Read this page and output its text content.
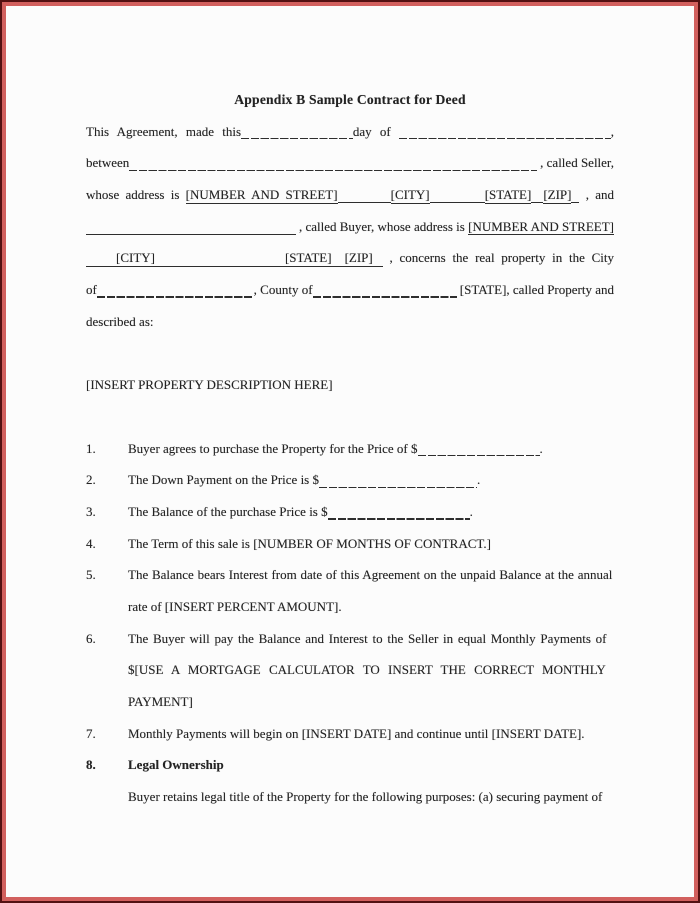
Appendix B Sample Contract for Deed
This Agreement, made this	day of	,
between	, called Seller,
whose address is [NUMBER AND STREET]	[CITY]	[STATE] [ZIP] , and
, called Buyer, whose address is [NUMBER AND STREET]
[CITY]	[STATE] [ZIP] , concerns the real property in the City
of	, County of	[STATE], called Property and
described as:
[INSERT PROPERTY DESCRIPTION HERE]
1.	Buyer agrees to purchase the Property for the Price of $	.
2.	The Down Payment on the Price is $	.
3.	The Balance of the purchase Price is $	.
4.	The Term of this sale is [NUMBER OF MONTHS OF CONTRACT.]
5.	The Balance bears Interest from date of this Agreement on the unpaid Balance at the annual
rate of [INSERT PERCENT AMOUNT].
6.	The Buyer will pay the Balance and Interest to the Seller in equal Monthly Payments of
$[USE A MORTGAGE CALCULATOR TO INSERT THE CORRECT MONTHLY
PAYMENT]
7.	Monthly Payments will begin on [INSERT DATE] and continue until [INSERT DATE].
8.	Legal Ownership
Buyer retains legal title of the Property for the following purposes: (a) securing payment of
